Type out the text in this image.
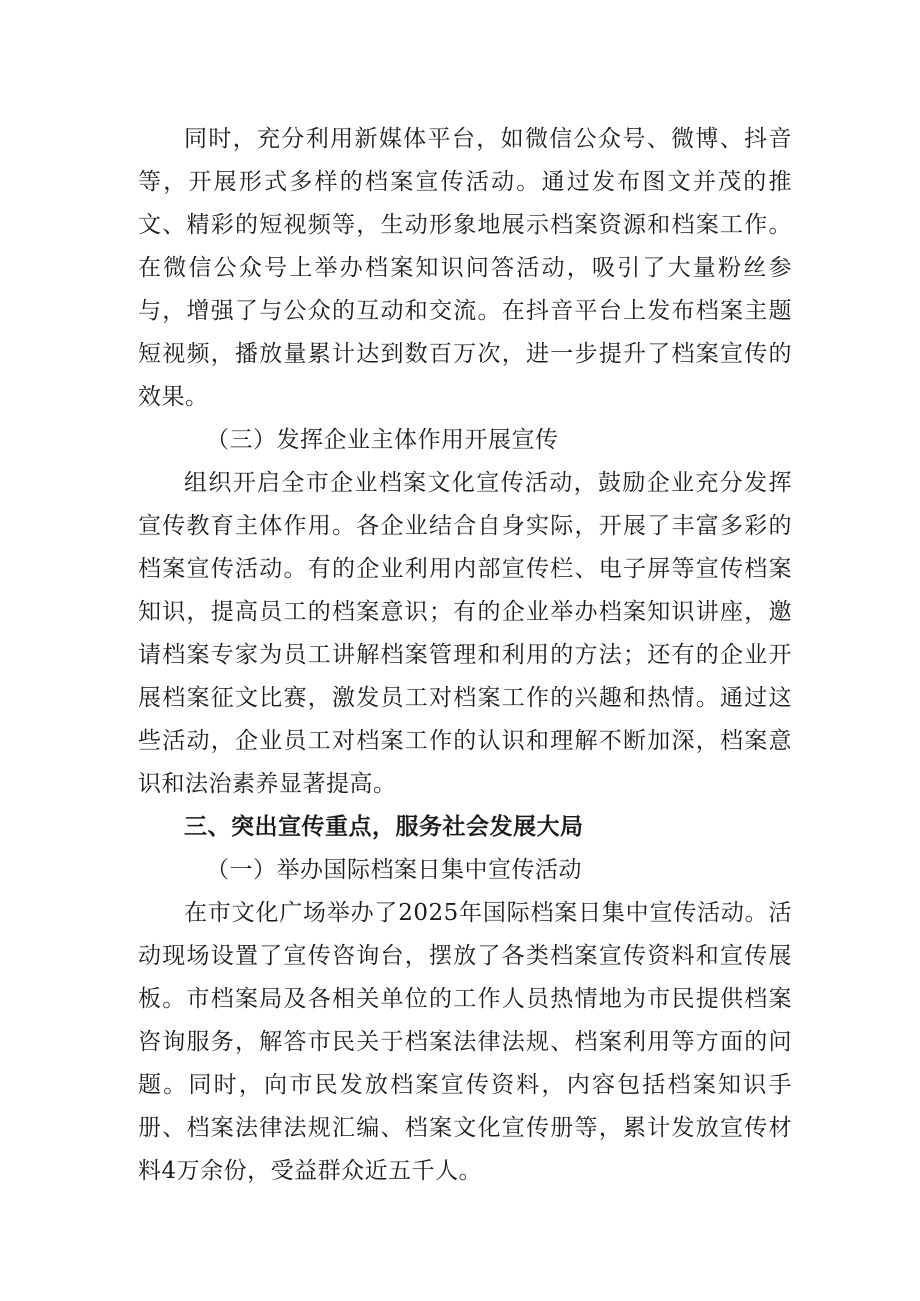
同时，充分利用新媒体平台，如微信公众号、微博、抖音等，开展形式多样的档案宣传活动。通过发布图文并茂的推文、精彩的短视频等，生动形象地展示档案资源和档案工作。在微信公众号上举办档案知识问答活动，吸引了大量粉丝参与，增强了与公众的互动和交流。在抖音平台上发布档案主题短视频，播放量累计达到数百万次，进一步提升了档案宣传的效果。

（三）发挥企业主体作用开展宣传

组织开启全市企业档案文化宣传活动，鼓励企业充分发挥宣传教育主体作用。各企业结合自身实际，开展了丰富多彩的档案宣传活动。有的企业利用内部宣传栏、电子屏等宣传档案知识，提高员工的档案意识；有的企业举办档案知识讲座，邀请档案专家为员工讲解档案管理和利用的方法；还有的企业开展档案征文比赛，激发员工对档案工作的兴趣和热情。通过这些活动，企业员工对档案工作的认识和理解不断加深，档案意识和法治素养显著提高。

三、突出宣传重点，服务社会发展大局

（一）举办国际档案日集中宣传活动

在市文化广场举办了2025年国际档案日集中宣传活动。活动现场设置了宣传咨询台，摆放了各类档案宣传资料和宣传展板。市档案局及各相关单位的工作人员热情地为市民提供档案咨询服务，解答市民关于档案法律法规、档案利用等方面的问题。同时，向市民发放档案宣传资料，内容包括档案知识手册、档案法律法规汇编、档案文化宣传册等，累计发放宣传材料4万余份，受益群众近五千人。
